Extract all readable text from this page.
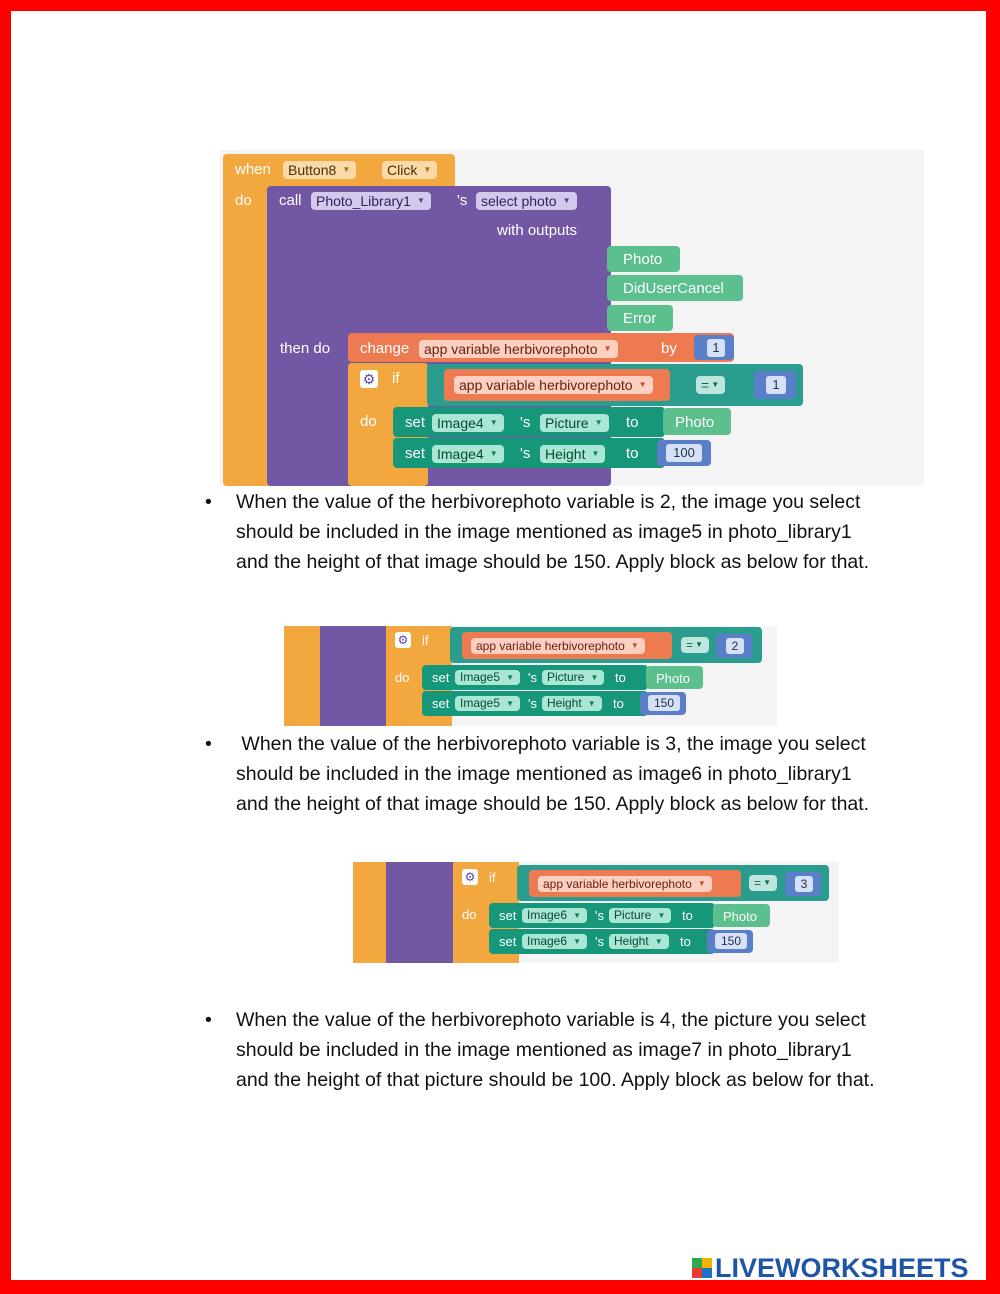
when	Button8 ▼	Click ▼
do call	Photo_Library1 ▼	's select photo ▼
with outputs
Photo
DidUserCancel
Error
then do change	app variable herbivorephoto ▼	by	1
⚙ if	app variable herbivorephoto ▼	= ▼	1
do set Image4 ▼	's	Picture ▼	to	Photo
set Image4 ▼	's	Height ▼	to	100
• When the value of the herbivorephoto variable is 2, the image you select should be included in the image mentioned as image5 in photo_library1 and the height of that image should be 150. Apply block as below for that.
⚙ if	app variable herbivorephoto ▼	= ▼	2
do set Image5 ▼	's Picture ▼	to	Photo
set Image5 ▼	's Height ▼	to	150
• When the value of the herbivorephoto variable is 3, the image you select should be included in the image mentioned as image6 in photo_library1 and the height of that image should be 150. Apply block as below for that.
⚙ if	app variable herbivorephoto ▼	= ▼	3
do set Image6 ▼	's Picture ▼	to	Photo
set Image6 ▼	's Height ▼	to	150
• When the value of the herbivorephoto variable is 4, the picture you select should be included in the image mentioned as image7 in photo_library1 and the height of that picture should be 100. Apply block as below for that.
LIVEWORKSHEETS
